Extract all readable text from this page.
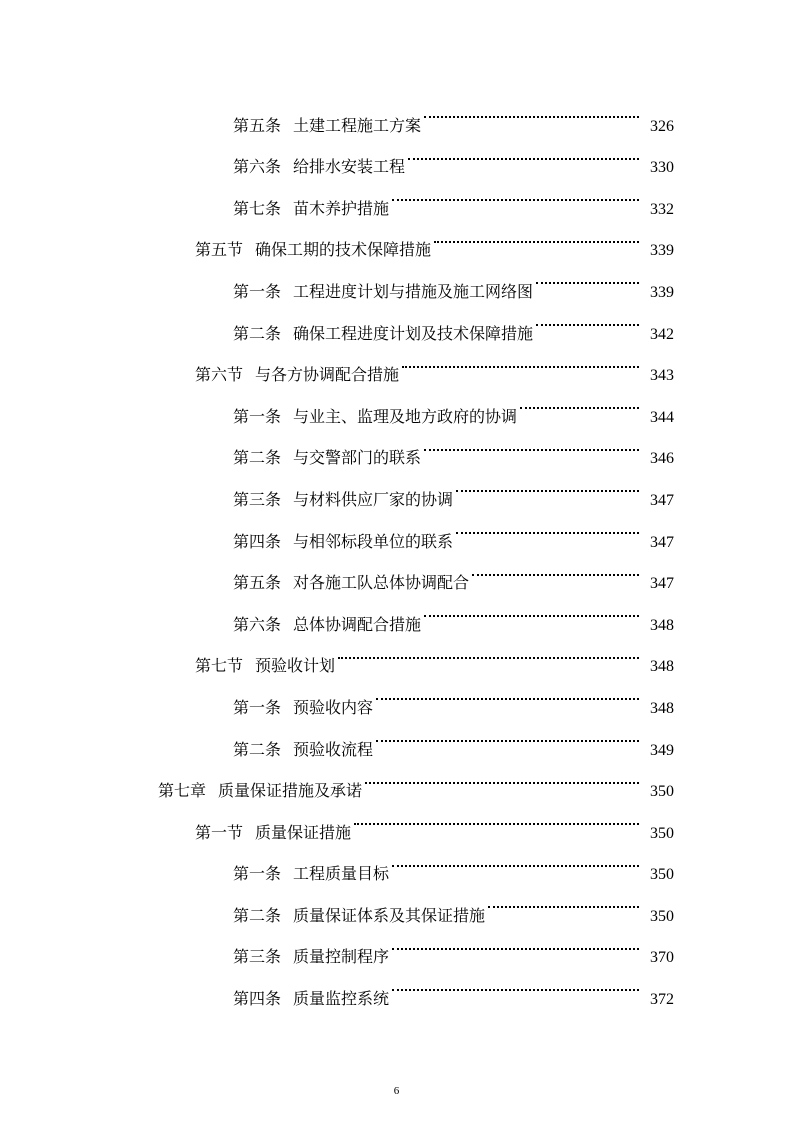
第五条 土建工程施工方案	326
第六条 给排水安装工程	330
第七条 苗木养护措施	332
第五节 确保工期的技术保障措施	339
第一条 工程进度计划与措施及施工网络图	339
第二条 确保工程进度计划及技术保障措施	342
第六节 与各方协调配合措施	343
第一条 与业主、监理及地方政府的协调	344
第二条 与交警部门的联系	346
第三条 与材料供应厂家的协调	347
第四条 与相邻标段单位的联系	347
第五条 对各施工队总体协调配合	347
第六条 总体协调配合措施	348
第七节 预验收计划	348
第一条 预验收内容	348
第二条 预验收流程	349
第七章 质量保证措施及承诺	350
第一节 质量保证措施	350
第一条 工程质量目标	350
第二条 质量保证体系及其保证措施	350
第三条 质量控制程序	370
第四条 质量监控系统	372
6
